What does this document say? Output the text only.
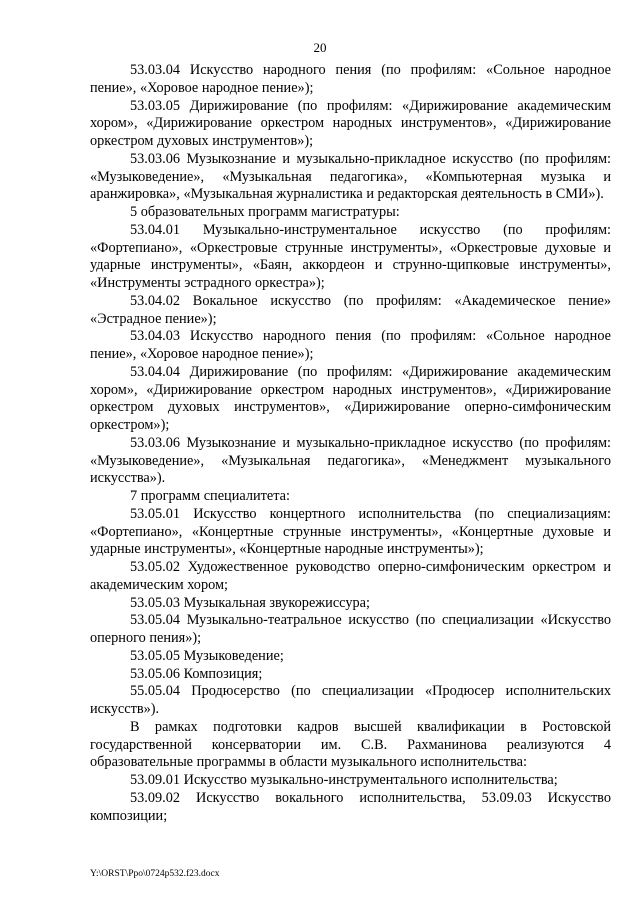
20

53.03.04 Искусство народного пения (по профилям: «Сольное народное пение», «Хоровое народное пение»);

53.03.05 Дирижирование (по профилям: «Дирижирование академическим хором», «Дирижирование оркестром народных инструментов», «Дирижирование оркестром духовых инструментов»);

53.03.06 Музыкознание и музыкально-прикладное искусство (по профилям: «Музыковедение», «Музыкальная педагогика», «Компьютерная музыка и аранжировка», «Музыкальная журналистика и редакторская деятельность в СМИ»).

5 образовательных программ магистратуры:

53.04.01 Музыкально-инструментальное искусство (по профилям: «Фортепиано», «Оркестровые струнные инструменты», «Оркестровые духовые и ударные инструменты», «Баян, аккордеон и струнно-щипковые инструменты», «Инструменты эстрадного оркестра»);

53.04.02 Вокальное искусство (по профилям: «Академическое пение» «Эстрадное пение»);

53.04.03 Искусство народного пения (по профилям: «Сольное народное пение», «Хоровое народное пение»);

53.04.04 Дирижирование (по профилям: «Дирижирование академическим хором», «Дирижирование оркестром народных инструментов», «Дирижирование оркестром духовых инструментов», «Дирижирование оперно-симфоническим оркестром»);

53.03.06 Музыкознание и музыкально-прикладное искусство (по профилям: «Музыковедение», «Музыкальная педагогика», «Менеджмент музыкального искусства»).

7 программ специалитета:

53.05.01 Искусство концертного исполнительства (по специализациям: «Фортепиано», «Концертные струнные инструменты», «Концертные духовые и ударные инструменты», «Концертные народные инструменты»);

53.05.02 Художественное руководство оперно-симфоническим оркестром и академическим хором;

53.05.03 Музыкальная звукорежиссура;

53.05.04 Музыкально-театральное искусство (по специализации «Искусство оперного пения»);

53.05.05 Музыковедение;

53.05.06 Композиция;

55.05.04 Продюсерство (по специализации «Продюсер исполнительских искусств»).

В рамках подготовки кадров высшей квалификации в Ростовской государственной консерватории им. С.В. Рахманинова реализуются 4 образовательные программы в области музыкального исполнительства:

53.09.01 Искусство музыкально-инструментального исполнительства;

53.09.02 Искусство вокального исполнительства, 53.09.03 Искусство композиции;

Y:\ORST\Ppo\0724p532.f23.docx
